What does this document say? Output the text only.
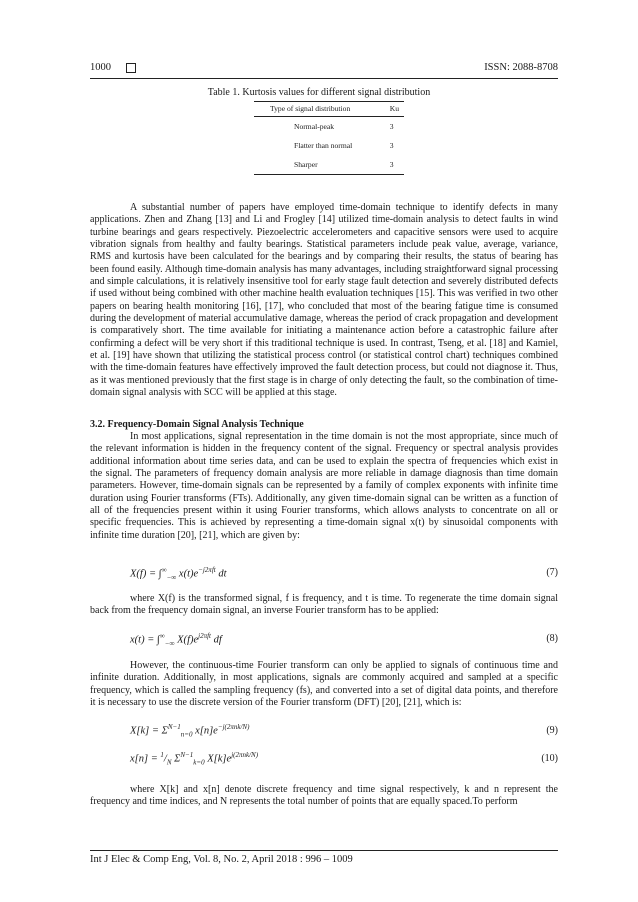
1000	ISSN: 2088-8708
Table 1. Kurtosis values for different signal distribution
Type of signal distribution	Ku
Normal-peak	3
Flatter than normal	3
Sharper	3
A substantial number of papers have employed time-domain technique to identify defects in many applications. Zhen and Zhang [13] and Li and Frogley [14] utilized time-domain analysis to detect faults in wind turbine bearings and gears respectively. Piezoelectric accelerometers and capacitive sensors were used to acquire vibration signals from healthy and faulty bearings. Statistical parameters include peak value, average, variance, RMS and kurtosis have been calculated for the bearings and by comparing their results, the status of bearing has been found easily. Although time-domain analysis has many advantages, including straightforward signal processing and simple calculations, it is relatively insensitive tool for early stage fault detection and severely distributed defects if used without being combined with other machine health evaluation techniques [15]. This was verified in two other papers on bearing health monitoring [16], [17], who concluded that most of the bearing fatigue time is consumed during the development of material accumulative damage, whereas the period of crack propagation and development is comparatively short. The time available for initiating a maintenance action before a catastrophic failure after confirming a defect will be very short if this traditional technique is used. In contrast, Tseng, et al. [18] and Kamiel, et al. [19] have shown that utilizing the statistical process control (or statistical control chart) techniques combined with the time-domain features have effectively improved the fault detection process, but could not diagnose it. Thus, as it was mentioned previously that the first stage is in charge of only detecting the fault, so the combination of time-domain signal analysis with SCC will be applied at this stage.
3.2. Frequency-Domain Signal Analysis Technique
In most applications, signal representation in the time domain is not the most appropriate, since much of the relevant information is hidden in the frequency content of the signal. Frequency or spectral analysis provides additional information about time series data, and can be used to explain the spectra of frequencies which exist in the signal. The parameters of frequency domain analysis are more reliable in damage diagnosis than time domain parameters. However, time-domain signals can be represented by a family of complex exponents with infinite time duration using Fourier transforms (FTs). Additionally, any given time-domain signal can be written as a function of all of the frequencies present within it using Fourier transforms, which allows analysts to concentrate on all or specific frequencies. This is achieved by representing a time-domain signal x(t) by sinusoidal components with infinite time duration [20], [21], which are given by:
$X(f) = \int^\infty_{-\infty}$ $x(t)e^{-j2\pi ft}$ dt	(7)
where X(f) is the transformed signal, f is frequency, and t is time. To regenerate the time domain signal back from the frequency domain signal, an inverse Fourier transform has to be applied:
$x(t) = \int^\infty_{-\infty}$ $X(f)e^{j2\pi ft}$ df	(8)
However, the continuous-time Fourier transform can only be applied to signals of continuous time and infinite duration. Additionally, in most applications, signals are commonly acquired and sampled at a specific frequency, which is called the sampling frequency (fs), and converted into a set of digital data points, and therefore it is necessary to use the discrete version of the Fourier transform (DFT) [20], [21], which is:
$X[k] = \Sigma^{N-1}_{n=0}$ $x[n]e^{-j(2\pi nk/N)}$	(9)
$x[n] = ^1/_N$ $\Sigma^{N-1}_{k=0}$ $X[k]e^{j(2\pi nk/N)}$	(10)
where X[k] and x[n] denote discrete frequency and time signal respectively, k and n represent the frequency and time indices, and N represents the total number of points that are equally spaced.To perform
Int J Elec & Comp Eng, Vol. 8, No. 2, April 2018 : 996 – 1009
